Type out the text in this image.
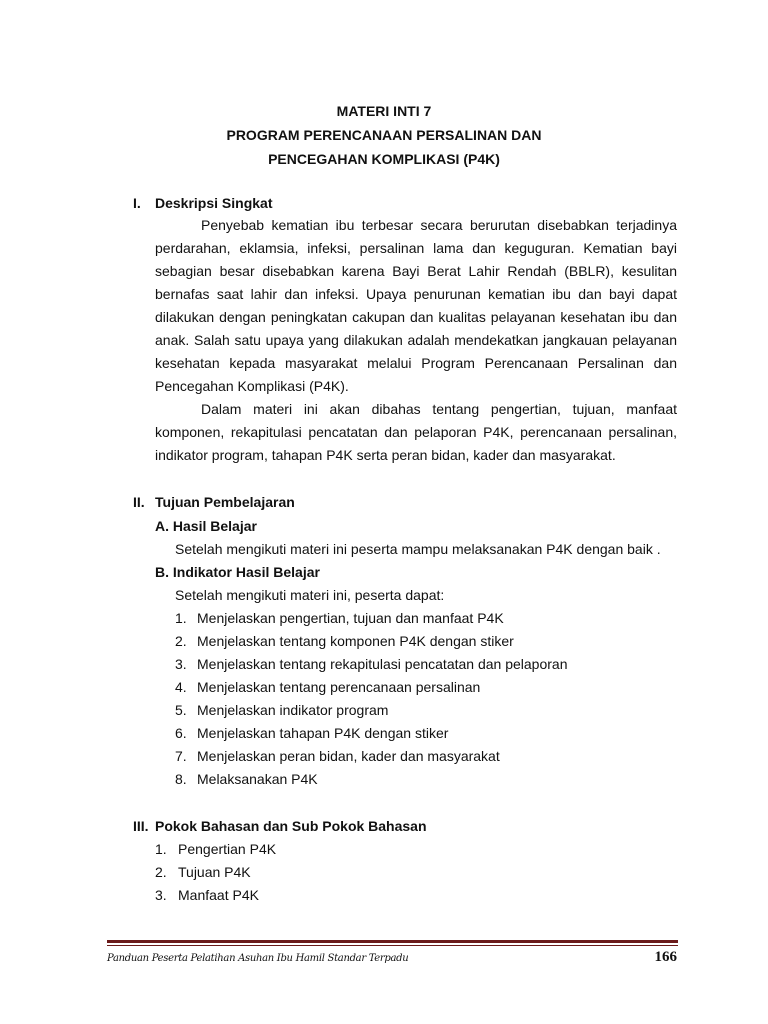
MATERI INTI 7
PROGRAM PERENCANAAN PERSALINAN DAN
PENCEGAHAN KOMPLIKASI (P4K)
I. Deskripsi Singkat
Penyebab kematian ibu terbesar secara berurutan disebabkan terjadinya perdarahan, eklamsia, infeksi, persalinan lama dan keguguran. Kematian bayi sebagian besar disebabkan karena Bayi Berat Lahir Rendah (BBLR), kesulitan bernafas saat lahir dan infeksi. Upaya penurunan kematian ibu dan bayi dapat dilakukan dengan peningkatan cakupan dan kualitas pelayanan kesehatan ibu dan anak. Salah satu upaya yang dilakukan adalah mendekatkan jangkauan pelayanan kesehatan kepada masyarakat melalui Program Perencanaan Persalinan dan Pencegahan Komplikasi (P4K).
Dalam materi ini akan dibahas tentang pengertian, tujuan, manfaat komponen, rekapitulasi pencatatan dan pelaporan P4K, perencanaan persalinan, indikator program, tahapan P4K serta peran bidan, kader dan masyarakat.
II. Tujuan Pembelajaran
A. Hasil Belajar
Setelah mengikuti materi ini peserta mampu melaksanakan P4K dengan baik .
B. Indikator Hasil Belajar
Setelah mengikuti materi ini, peserta dapat:
1. Menjelaskan pengertian, tujuan dan manfaat P4K
2. Menjelaskan tentang komponen P4K dengan stiker
3. Menjelaskan tentang rekapitulasi pencatatan dan pelaporan
4. Menjelaskan tentang perencanaan persalinan
5. Menjelaskan indikator program
6. Menjelaskan tahapan P4K dengan stiker
7. Menjelaskan peran bidan, kader dan masyarakat
8. Melaksanakan P4K
III. Pokok Bahasan dan Sub Pokok Bahasan
1. Pengertian P4K
2. Tujuan P4K
3. Manfaat P4K
Panduan Peserta Pelatihan Asuhan Ibu Hamil Standar Terpadu	166
